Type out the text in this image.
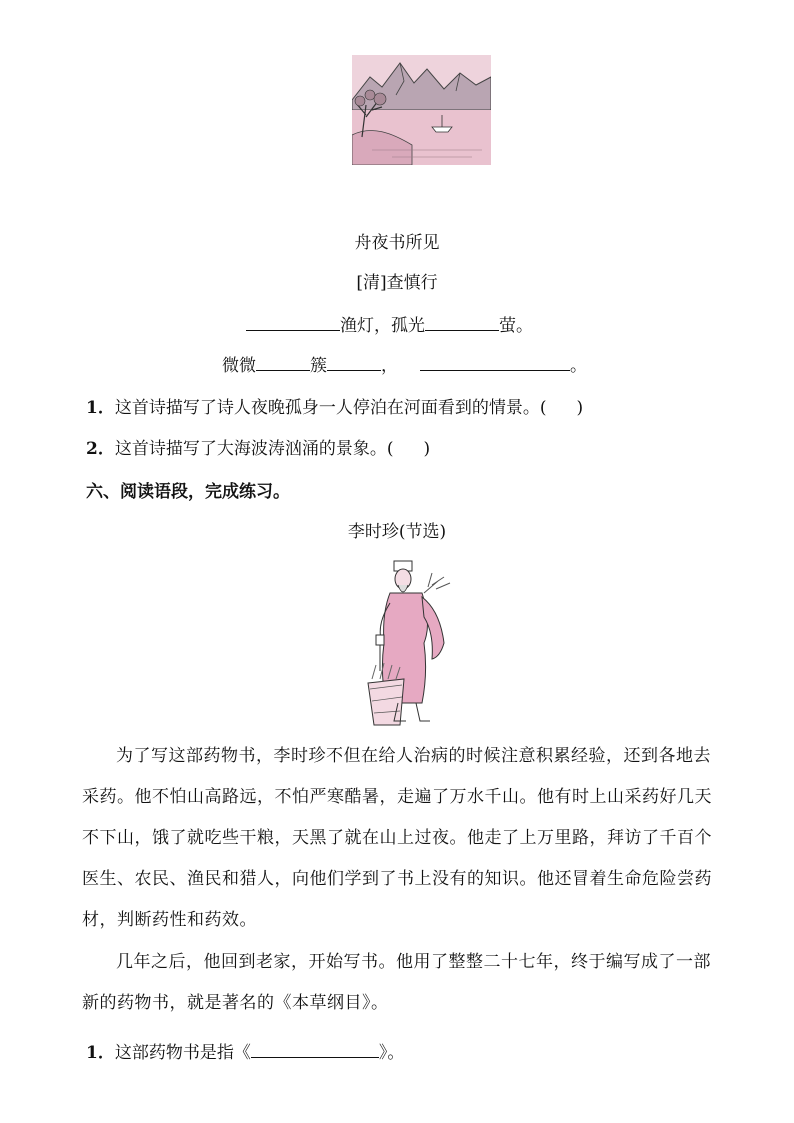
舟夜书所见
[清]查慎行
渔灯，孤光	萤。
微微	簇	，	。
1．这首诗描写了诗人夜晚孤身一人停泊在河面看到的情景。( )
2．这首诗描写了大海波涛汹涌的景象。( )
六、阅读语段，完成练习。
李时珍(节选)
为了写这部药物书，李时珍不但在给人治病的时候注意积累经验，还到各地去
采药。他不怕山高路远，不怕严寒酷暑，走遍了万水千山。他有时上山采药好几天
不下山，饿了就吃些干粮，天黑了就在山上过夜。他走了上万里路，拜访了千百个
医生、农民、渔民和猎人，向他们学到了书上没有的知识。他还冒着生命危险尝药
材，判断药性和药效。
几年之后，他回到老家，开始写书。他用了整整二十七年，终于编写成了一部
新的药物书，就是著名的《本草纲目》。
1．这部药物书是指《	》。
